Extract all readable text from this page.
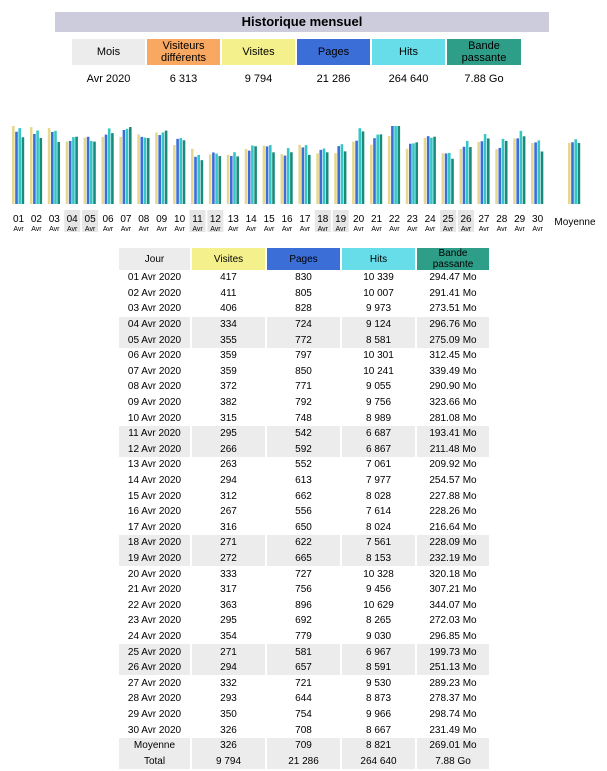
Historique mensuel
Mois	Visiteurs différents	Visites	Pages	Hits	Bande passante
Avr 2020	6 313	9 794	21 286	264 640	7.88 Go
01
Avr
02
Avr
03
Avr
04
Avr
05
Avr
06
Avr
07
Avr
08
Avr
09
Avr
10
Avr
11
Avr
12
Avr
13
Avr
14
Avr
15
Avr
16
Avr
17
Avr
18
Avr
19
Avr
20
Avr
21
Avr
22
Avr
23
Avr
24
Avr
25
Avr
26
Avr
27
Avr
28
Avr
29
Avr
30
Avr
Moyenne
Jour	Visites	Pages	Hits	Bande passante
01 Avr 2020	417	830	10 339	294.47 Mo
02 Avr 2020	411	805	10 007	291.41 Mo
03 Avr 2020	406	828	9 973	273.51 Mo
04 Avr 2020	334	724	9 124	296.76 Mo
05 Avr 2020	355	772	8 581	275.09 Mo
06 Avr 2020	359	797	10 301	312.45 Mo
07 Avr 2020	359	850	10 241	339.49 Mo
08 Avr 2020	372	771	9 055	290.90 Mo
09 Avr 2020	382	792	9 756	323.66 Mo
10 Avr 2020	315	748	8 989	281.08 Mo
11 Avr 2020	295	542	6 687	193.41 Mo
12 Avr 2020	266	592	6 867	211.48 Mo
13 Avr 2020	263	552	7 061	209.92 Mo
14 Avr 2020	294	613	7 977	254.57 Mo
15 Avr 2020	312	662	8 028	227.88 Mo
16 Avr 2020	267	556	7 614	228.26 Mo
17 Avr 2020	316	650	8 024	216.64 Mo
18 Avr 2020	271	622	7 561	228.09 Mo
19 Avr 2020	272	665	8 153	232.19 Mo
20 Avr 2020	333	727	10 328	320.18 Mo
21 Avr 2020	317	756	9 456	307.21 Mo
22 Avr 2020	363	896	10 629	344.07 Mo
23 Avr 2020	295	692	8 265	272.03 Mo
24 Avr 2020	354	779	9 030	296.85 Mo
25 Avr 2020	271	581	6 967	199.73 Mo
26 Avr 2020	294	657	8 591	251.13 Mo
27 Avr 2020	332	721	9 530	289.23 Mo
28 Avr 2020	293	644	8 873	278.37 Mo
29 Avr 2020	350	754	9 966	298.74 Mo
30 Avr 2020	326	708	8 667	231.49 Mo
Moyenne	326	709	8 821	269.01 Mo
Total	9 794	21 286	264 640	7.88 Go
